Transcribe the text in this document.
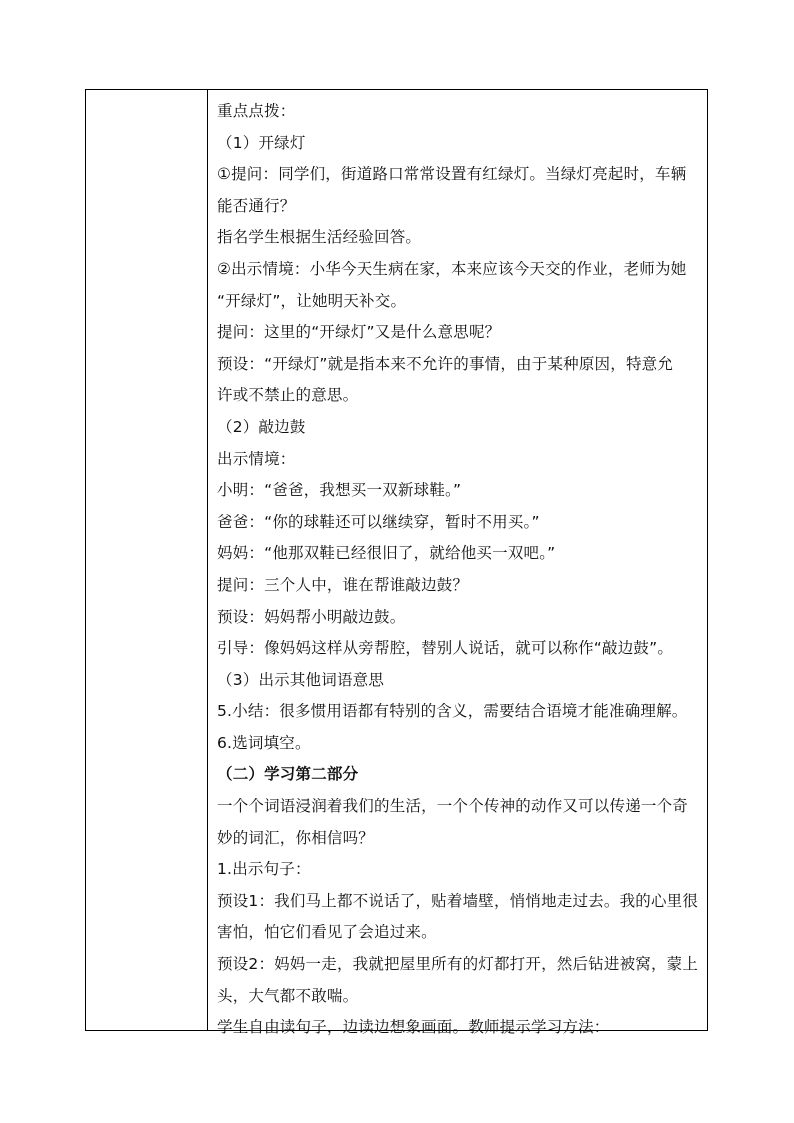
重点点拨：
（1）开绿灯
①提问：同学们，街道路口常常设置有红绿灯。当绿灯亮起时，车辆
能否通行？
指名学生根据生活经验回答。
②出示情境：小华今天生病在家，本来应该今天交的作业，老师为她
“开绿灯”，让她明天补交。
提问：这里的“开绿灯”又是什么意思呢？
预设：“开绿灯”就是指本来不允许的事情，由于某种原因，特意允
许或不禁止的意思。
（2）敲边鼓
出示情境：
小明：“爸爸，我想买一双新球鞋。”
爸爸：“你的球鞋还可以继续穿，暂时不用买。”
妈妈：“他那双鞋已经很旧了，就给他买一双吧。”
提问：三个人中，谁在帮谁敲边鼓？
预设：妈妈帮小明敲边鼓。
引导：像妈妈这样从旁帮腔，替别人说话，就可以称作“敲边鼓”。
（3）出示其他词语意思
5.小结：很多惯用语都有特别的含义，需要结合语境才能准确理解。
6.选词填空。
（二）学习第二部分
一个个词语浸润着我们的生活，一个个传神的动作又可以传递一个奇
妙的词汇，你相信吗？
1.出示句子：
预设1：我们马上都不说话了，贴着墙壁，悄悄地走过去。我的心里很
害怕，怕它们看见了会追过来。
预设2：妈妈一走，我就把屋里所有的灯都打开，然后钻进被窝，蒙上
头，大气都不敢喘。
学生自由读句子，边读边想象画面。教师提示学习方法：
